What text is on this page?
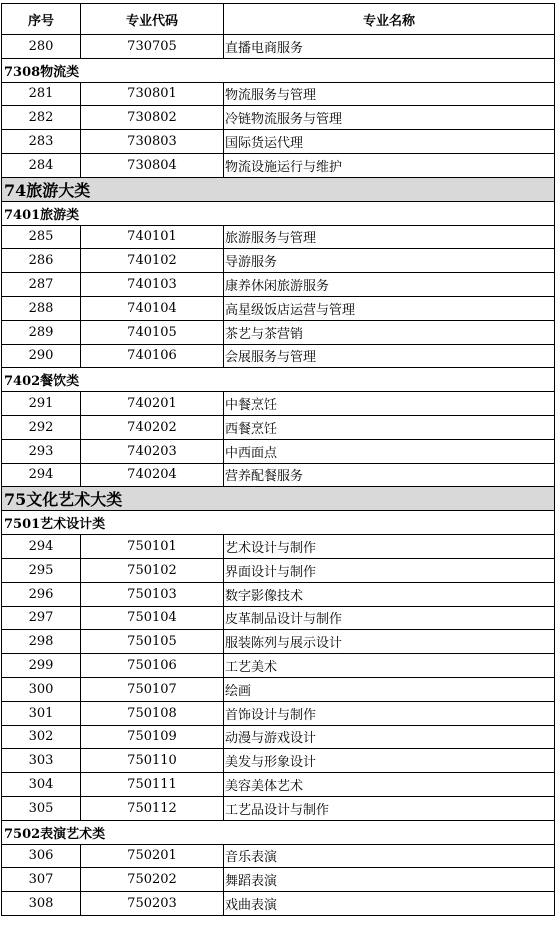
序号	专业代码	专业名称
280	730705	直播电商服务
7308物流类		
281	730801	物流服务与管理
282	730802	冷链物流服务与管理
283	730803	国际货运代理
284	730804	物流设施运行与维护
74旅游大类		
7401旅游类		
285	740101	旅游服务与管理
286	740102	导游服务
287	740103	康养休闲旅游服务
288	740104	高星级饭店运营与管理
289	740105	茶艺与茶营销
290	740106	会展服务与管理
7402餐饮类		
291	740201	中餐烹饪
292	740202	西餐烹饪
293	740203	中西面点
294	740204	营养配餐服务
75文化艺术大类		
7501艺术设计类		
294	750101	艺术设计与制作
295	750102	界面设计与制作
296	750103	数字影像技术
297	750104	皮革制品设计与制作
298	750105	服装陈列与展示设计
299	750106	工艺美术
300	750107	绘画
301	750108	首饰设计与制作
302	750109	动漫与游戏设计
303	750110	美发与形象设计
304	750111	美容美体艺术
305	750112	工艺品设计与制作
7502表演艺术类		
306	750201	音乐表演
307	750202	舞蹈表演
308	750203	戏曲表演
